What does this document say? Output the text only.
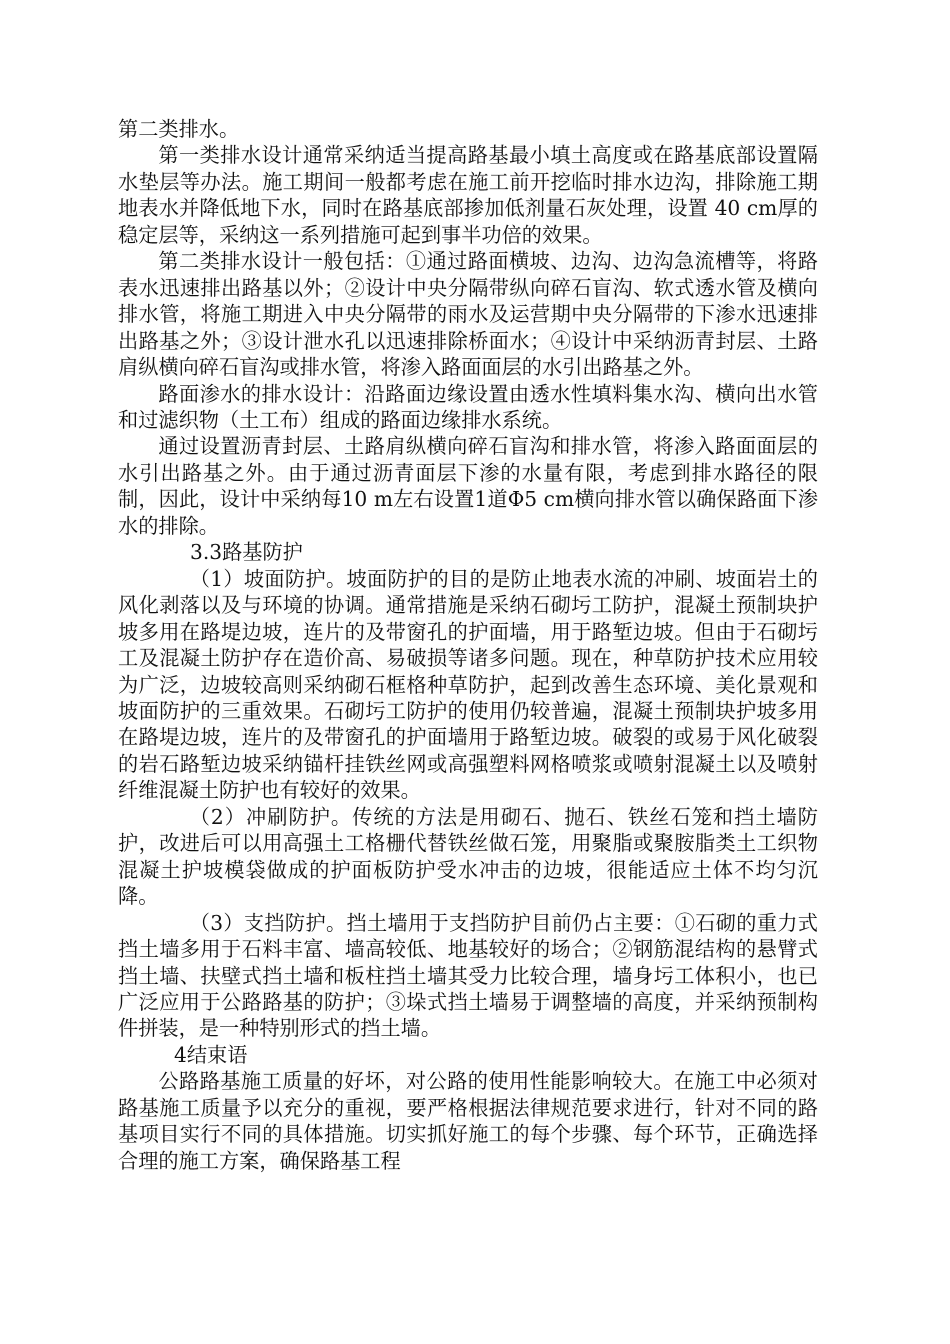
第二类排水。

第一类排水设计通常采纳适当提高路基最小填土高度或在路基底部设置隔水垫层等办法。施工期间一般都考虑在施工前开挖临时排水边沟，排除施工期地表水并降低地下水，同时在路基底部掺加低剂量石灰处理，设置 40 cm厚的稳定层等，采纳这一系列措施可起到事半功倍的效果。

第二类排水设计一般包括：①通过路面横坡、边沟、边沟急流槽等，将路表水迅速排出路基以外；②设计中央分隔带纵向碎石盲沟、软式透水管及横向排水管，将施工期进入中央分隔带的雨水及运营期中央分隔带的下渗水迅速排出路基之外；③设计泄水孔以迅速排除桥面水；④设计中采纳沥青封层、土路肩纵横向碎石盲沟或排水管，将渗入路面面层的水引出路基之外。

路面渗水的排水设计：沿路面边缘设置由透水性填料集水沟、横向出水管和过滤织物（土工布）组成的路面边缘排水系统。

通过设置沥青封层、土路肩纵横向碎石盲沟和排水管，将渗入路面面层的水引出路基之外。由于通过沥青面层下渗的水量有限，考虑到排水路径的限制，因此，设计中采纳每10 m左右设置1道Φ5 cm横向排水管以确保路面下渗水的排除。

3.3路基防护

（1）坡面防护。坡面防护的目的是防止地表水流的冲刷、坡面岩土的风化剥落以及与环境的协调。通常措施是采纳石砌圬工防护，混凝土预制块护坡多用在路堤边坡，连片的及带窗孔的护面墙，用于路堑边坡。但由于石砌圬工及混凝土防护存在造价高、易破损等诸多问题。现在，种草防护技术应用较为广泛，边坡较高则采纳砌石框格种草防护，起到改善生态环境、美化景观和坡面防护的三重效果。石砌圬工防护的使用仍较普遍，混凝土预制块护坡多用在路堤边坡，连片的及带窗孔的护面墙用于路堑边坡。破裂的或易于风化破裂的岩石路堑边坡采纳锚杆挂铁丝网或高强塑料网格喷浆或喷射混凝土以及喷射纤维混凝土防护也有较好的效果。

（2）冲刷防护。传统的方法是用砌石、抛石、铁丝石笼和挡土墙防护，改进后可以用高强土工格栅代替铁丝做石笼，用聚脂或聚胺脂类土工织物混凝土护坡模袋做成的护面板防护受水冲击的边坡，很能适应土体不均匀沉降。

（3）支挡防护。挡土墙用于支挡防护目前仍占主要：①石砌的重力式挡土墙多用于石料丰富、墙高较低、地基较好的场合；②钢筋混结构的悬臂式挡土墙、扶壁式挡土墙和板柱挡土墙其受力比较合理，墙身圬工体积小，也已广泛应用于公路路基的防护；③垛式挡土墙易于调整墙的高度，并采纳预制构件拼装，是一种特别形式的挡土墙。

4结束语

公路路基施工质量的好坏，对公路的使用性能影响较大。在施工中必须对路基施工质量予以充分的重视，要严格根据法律规范要求进行，针对不同的路基项目实行不同的具体措施。切实抓好施工的每个步骤、每个环节，正确选择合理的施工方案，确保路基工程
